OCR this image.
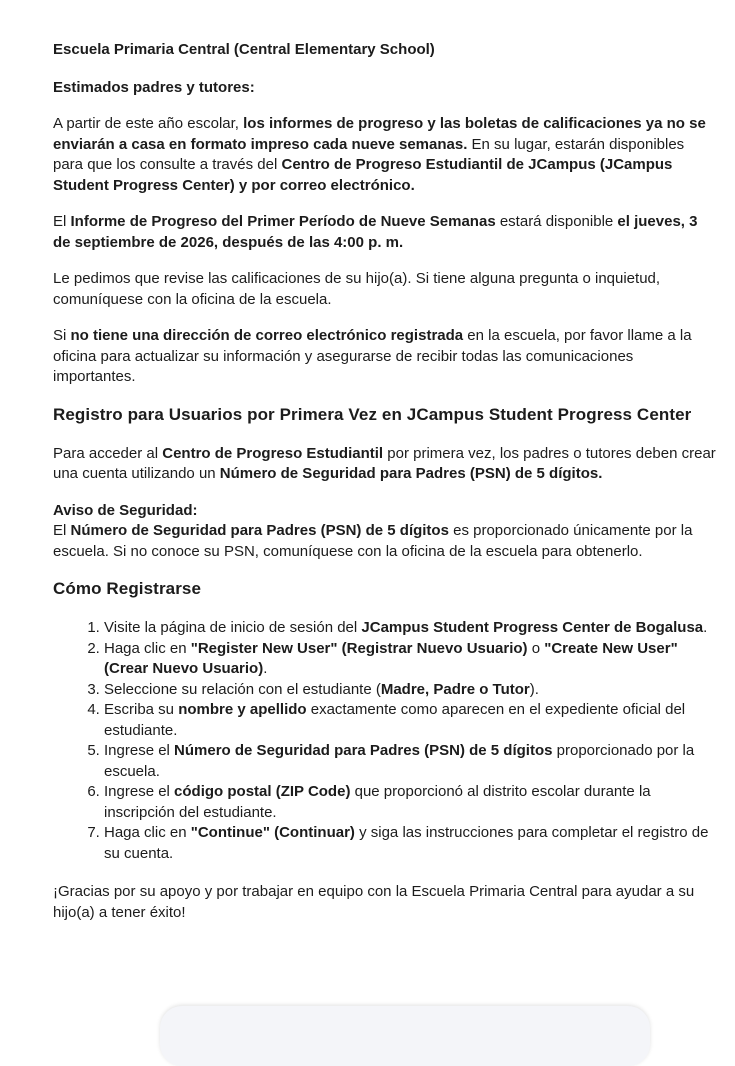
Escuela Primaria Central (Central Elementary School)

Estimados padres y tutores:

A partir de este año escolar, los informes de progreso y las boletas de calificaciones ya no se enviarán a casa en formato impreso cada nueve semanas. En su lugar, estarán disponibles para que los consulte a través del Centro de Progreso Estudiantil de JCampus (JCampus Student Progress Center) y por correo electrónico.

El Informe de Progreso del Primer Período de Nueve Semanas estará disponible el jueves, 3 de septiembre de 2026, después de las 4:00 p. m.

Le pedimos que revise las calificaciones de su hijo(a). Si tiene alguna pregunta o inquietud, comuníquese con la oficina de la escuela.

Si no tiene una dirección de correo electrónico registrada en la escuela, por favor llame a la oficina para actualizar su información y asegurarse de recibir todas las comunicaciones importantes.

Registro para Usuarios por Primera Vez en JCampus Student Progress Center

Para acceder al Centro de Progreso Estudiantil por primera vez, los padres o tutores deben crear una cuenta utilizando un Número de Seguridad para Padres (PSN) de 5 dígitos.

Aviso de Seguridad:

El Número de Seguridad para Padres (PSN) de 5 dígitos es proporcionado únicamente por la escuela. Si no conoce su PSN, comuníquese con la oficina de la escuela para obtenerlo.

Cómo Registrarse
1. Visite la página de inicio de sesión del JCampus Student Progress Center de Bogalusa.
2. Haga clic en "Register New User" (Registrar Nuevo Usuario) o "Create New User" (Crear Nuevo Usuario).
3. Seleccione su relación con el estudiante (Madre, Padre o Tutor).
4. Escriba su nombre y apellido exactamente como aparecen en el expediente oficial del estudiante.
5. Ingrese el Número de Seguridad para Padres (PSN) de 5 dígitos proporcionado por la escuela.
6. Ingrese el código postal (ZIP Code) que proporcionó al distrito escolar durante la inscripción del estudiante.
7. Haga clic en "Continue" (Continuar) y siga las instrucciones para completar el registro de su cuenta.

¡Gracias por su apoyo y por trabajar en equipo con la Escuela Primaria Central para ayudar a su hijo(a) a tener éxito!
